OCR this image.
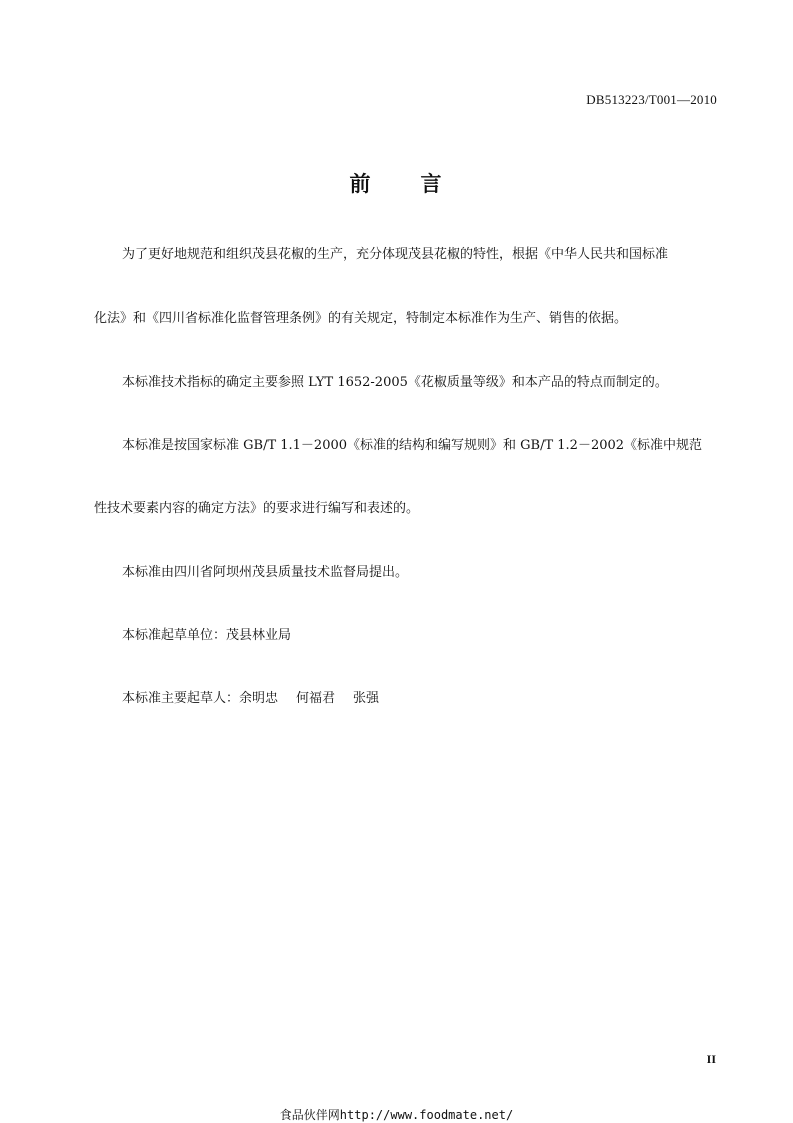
DB513223/T001—2010
前 言
为了更好地规范和组织茂县花椒的生产，充分体现茂县花椒的特性，根据《中华人民共和国标准
化法》和《四川省标准化监督管理条例》的有关规定，特制定本标准作为生产、销售的依据。
本标准技术指标的确定主要参照 LYT 1652-2005《花椒质量等级》和本产品的特点而制定的。
本标准是按国家标准 GB/T 1.1－2000《标准的结构和编写规则》和 GB/T 1.2－2002《标准中规范
性技术要素内容的确定方法》的要求进行编写和表述的。
本标准由四川省阿坝州茂县质量技术监督局提出。
本标准起草单位：茂县林业局
本标准主要起草人：余明忠 何福君 张强
II
食品伙伴网http://www.foodmate.net/
